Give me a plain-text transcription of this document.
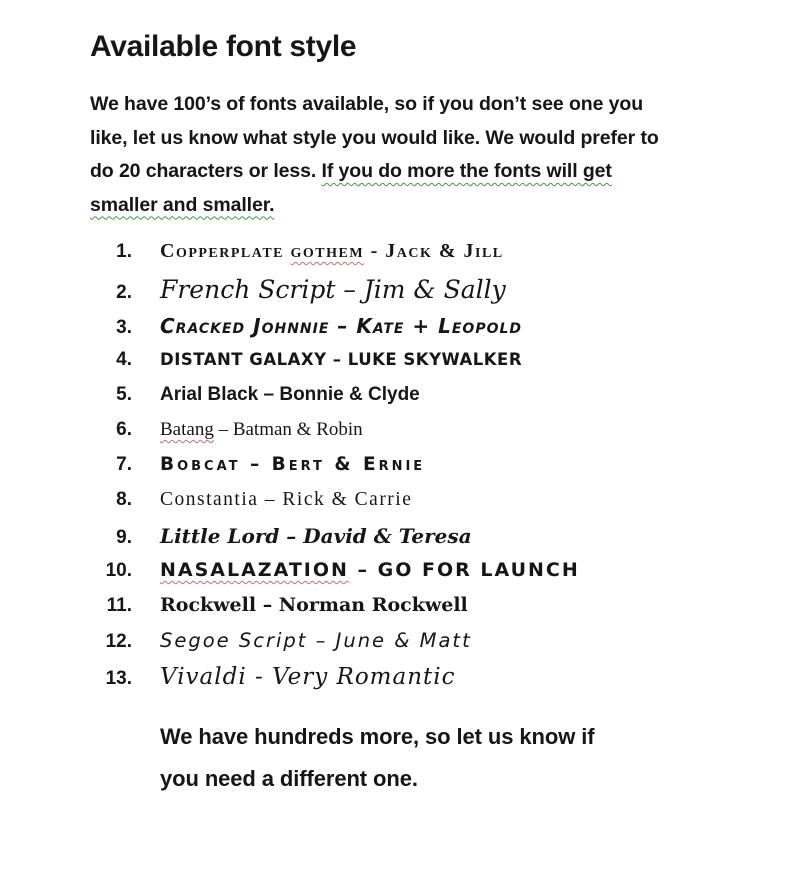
Available font style

We have 100’s of fonts available, so if you don’t see one you like, let us know what style you would like. We would prefer to do 20 characters or less. If you do more the fonts will get smaller and smaller.

1. Copperplate gothem - Jack & Jill
2. French Script – Jim & Sally
3. Cracked Johnnie – Kate + Leopold
4. DISTANT GALAXY – LUKE SKYWALKER
5. Arial Black – Bonnie & Clyde
6. Batang – Batman & Robin
7. Bobcat – Bert & Ernie
8. Constantia – Rick & Carrie
9. Little Lord – David & Teresa
10. NASALAZATION – GO FOR LAUNCH
11. Rockwell – Norman Rockwell
12. Segoe Script – June & Matt
13. Vivaldi - Very Romantic

We have hundreds more, so let us know if
you need a different one.
